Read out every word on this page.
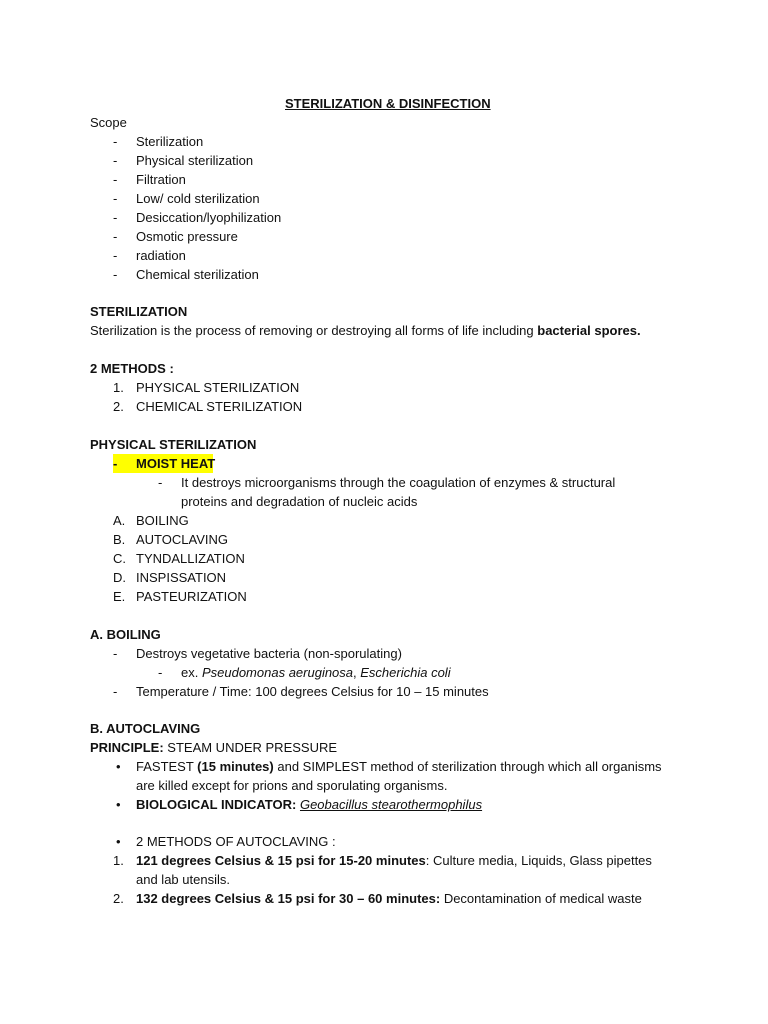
STERILIZATION & DISINFECTION
Scope
- Sterilization
- Physical sterilization
- Filtration
- Low/ cold sterilization
- Desiccation/lyophilization
- Osmotic pressure
- radiation
- Chemical sterilization
STERILIZATION
Sterilization is the process of removing or destroying all forms of life including bacterial spores.
2 METHODS :
1. PHYSICAL STERILIZATION
2. CHEMICAL STERILIZATION
PHYSICAL STERILIZATION
- MOIST HEAT
- It destroys microorganisms through the coagulation of enzymes & structural
proteins and degradation of nucleic acids
A. BOILING
B. AUTOCLAVING
C. TYNDALLIZATION
D. INSPISSATION
E. PASTEURIZATION
A. BOILING
- Destroys vegetative bacteria (non-sporulating)
- ex. Pseudomonas aeruginosa, Escherichia coli
- Temperature / Time: 100 degrees Celsius for 10 – 15 minutes
B. AUTOCLAVING
PRINCIPLE: STEAM UNDER PRESSURE
• FASTEST (15 minutes) and SIMPLEST method of sterilization through which all organisms
are killed except for prions and sporulating organisms.
• BIOLOGICAL INDICATOR: Geobacillus stearothermophilus
• 2 METHODS OF AUTOCLAVING :
1. 121 degrees Celsius & 15 psi for 15-20 minutes: Culture media, Liquids, Glass pipettes
and lab utensils.
2. 132 degrees Celsius & 15 psi for 30 – 60 minutes: Decontamination of medical waste
